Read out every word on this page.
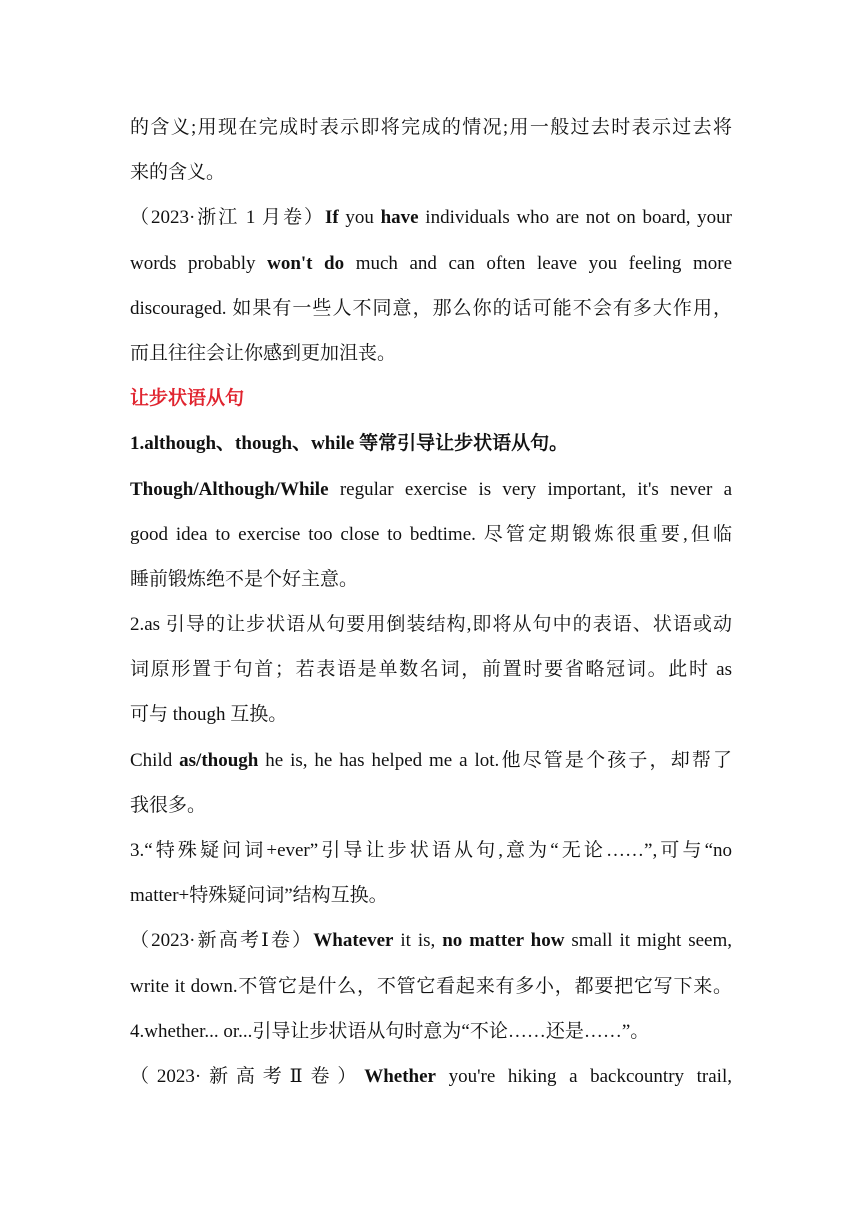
的含义;用现在完成时表示即将完成的情况;用一般过去时表示过去将
来的含义。
（2023·浙江 1 月卷）If you have individuals who are not on board, your
words probably won't do much and can often leave you feeling more
discouraged. 如果有一些人不同意，那么你的话可能不会有多大作用，
而且往往会让你感到更加沮丧。
让步状语从句
1.although、though、while 等常引导让步状语从句。
Though/Although/While regular exercise is very important, it's never a
good idea to exercise too close to bedtime. 尽管定期锻炼很重要,但临
睡前锻炼绝不是个好主意。
2.as 引导的让步状语从句要用倒装结构,即将从句中的表语、状语或动
词原形置于句首；若表语是单数名词，前置时要省略冠词。此时 as
可与 though 互换。
Child as/though he is, he has helped me a lot.他尽管是个孩子，却帮了
我很多。
3.“特殊疑问词+ever”引导让步状语从句,意为“无论……”,可与“no
matter+特殊疑问词”结构互换。
（2023·新高考Ⅰ卷）Whatever it is, no matter how small it might seem,
write it down.不管它是什么，不管它看起来有多小，都要把它写下来。
4.whether... or...引导让步状语从句时意为“不论……还是……”。
（2023·新高考Ⅱ卷）Whether you're hiking a backcountry trail,
